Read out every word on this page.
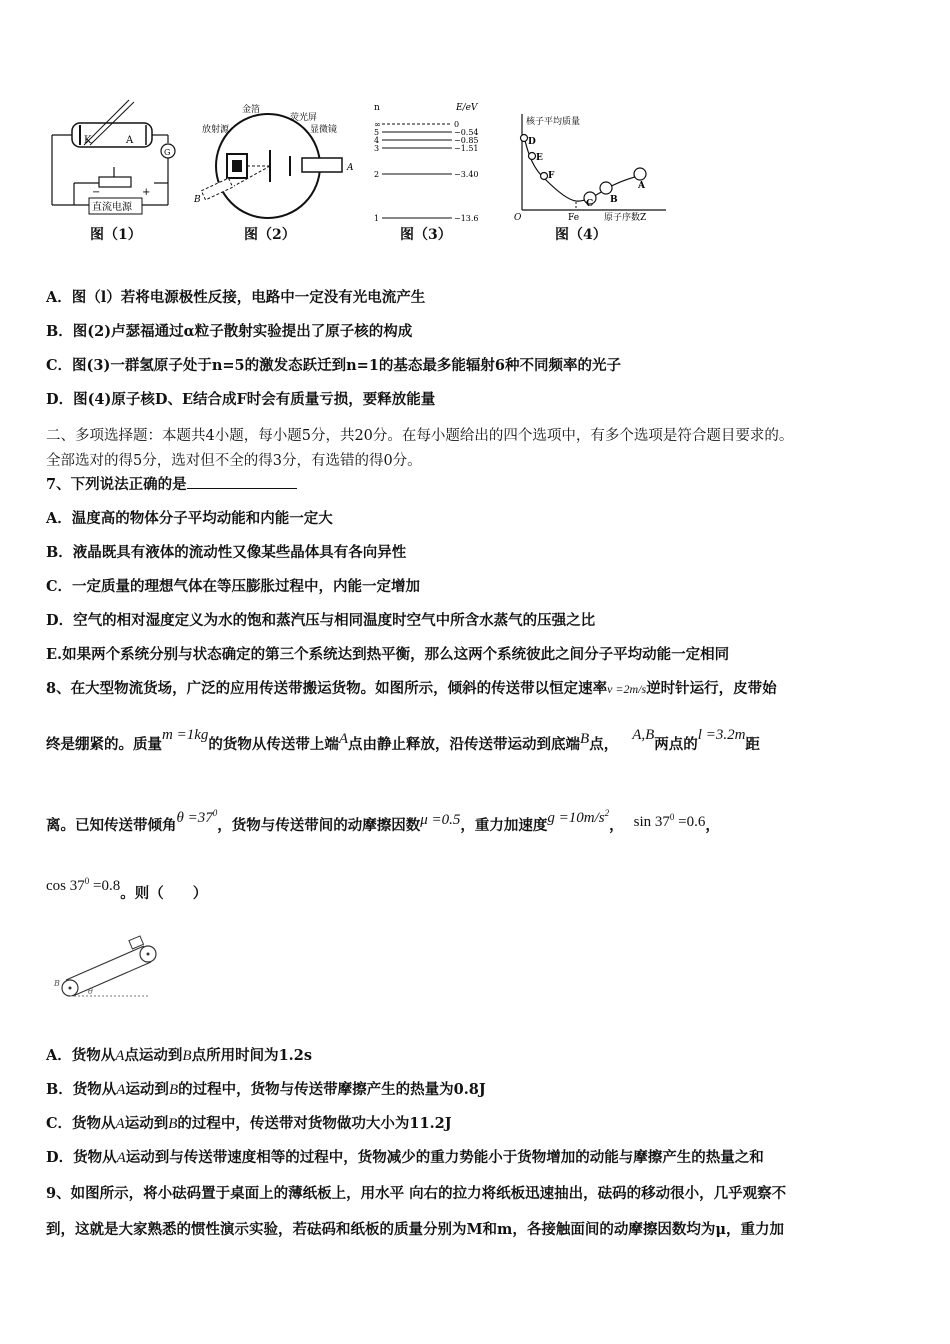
K	A
G
−	+
直流电源
图（1）
金箔
荧光屏
放射源	显微镜
A
B
图（2）
n	E/eV
∞	0
5	−0.54
4	−0.85
3	−1.51
2	−3.40
1	−13.6
图（3）
D
E
F
C B
A
核子平均质量
O	Fe	原子序数Z
图（4）
A．图（l）若将电源极性反接，电路中一定没有光电流产生
B．图(2)卢瑟福通过α粒子散射实验提出了原子核的构成
C．图(3)一群氢原子处于n=5的激发态跃迁到n=1的基态最多能辐射6种不同频率的光子
D．图(4)原子核D、E结合成F时会有质量亏损，要释放能量
二、多项选择题：本题共4小题，每小题5分，共20分。在每小题给出的四个选项中，有多个选项是符合题目要求的。
全部选对的得5分，选对但不全的得3分，有选错的得0分。
7、下列说法正确的是
A．温度高的物体分子平均动能和内能一定大
B．液晶既具有液体的流动性又像某些晶体具有各向异性
C．一定质量的理想气体在等压膨胀过程中，内能一定增加
D．空气的相对湿度定义为水的饱和蒸汽压与相同温度时空气中所含水蒸气的压强之比
E.如果两个系统分别与状态确定的第三个系统达到热平衡，那么这两个系统彼此之间分子平均动能一定相同
8、在大型物流货场，广泛的应用传送带搬运货物。如图所示，倾斜的传送带以恒定速率v =2m/s逆时针运行，皮带始
终是绷紧的。质量m =1kg的货物从传送带上端A点由静止释放，沿传送带运动到底端B点，A,B两点的l =3.2m距
离。已知传送带倾角$\theta =37^0$，货物与传送带间的动摩擦因数μ =0.5，重力加速度$g =10m/s^2$， $\sin 37^0 =0.6$，
$\cos 37^0 =0.8$。则（　　）
B
θ
A．货物从A点运动到B点所用时间为1.2s
B．货物从A运动到B的过程中，货物与传送带摩擦产生的热量为0.8J
C．货物从A运动到B的过程中，传送带对货物做功大小为11.2J
D．货物从A运动到与传送带速度相等的过程中，货物减少的重力势能小于货物增加的动能与摩擦产生的热量之和
9、如图所示，将小砝码置于桌面上的薄纸板上，用水平 向右的拉力将纸板迅速抽出，砝码的移动很小，几乎观察不
到，这就是大家熟悉的惯性演示实验，若砝码和纸板的质量分别为M和m，各接触面间的动摩擦因数均为μ，重力加
